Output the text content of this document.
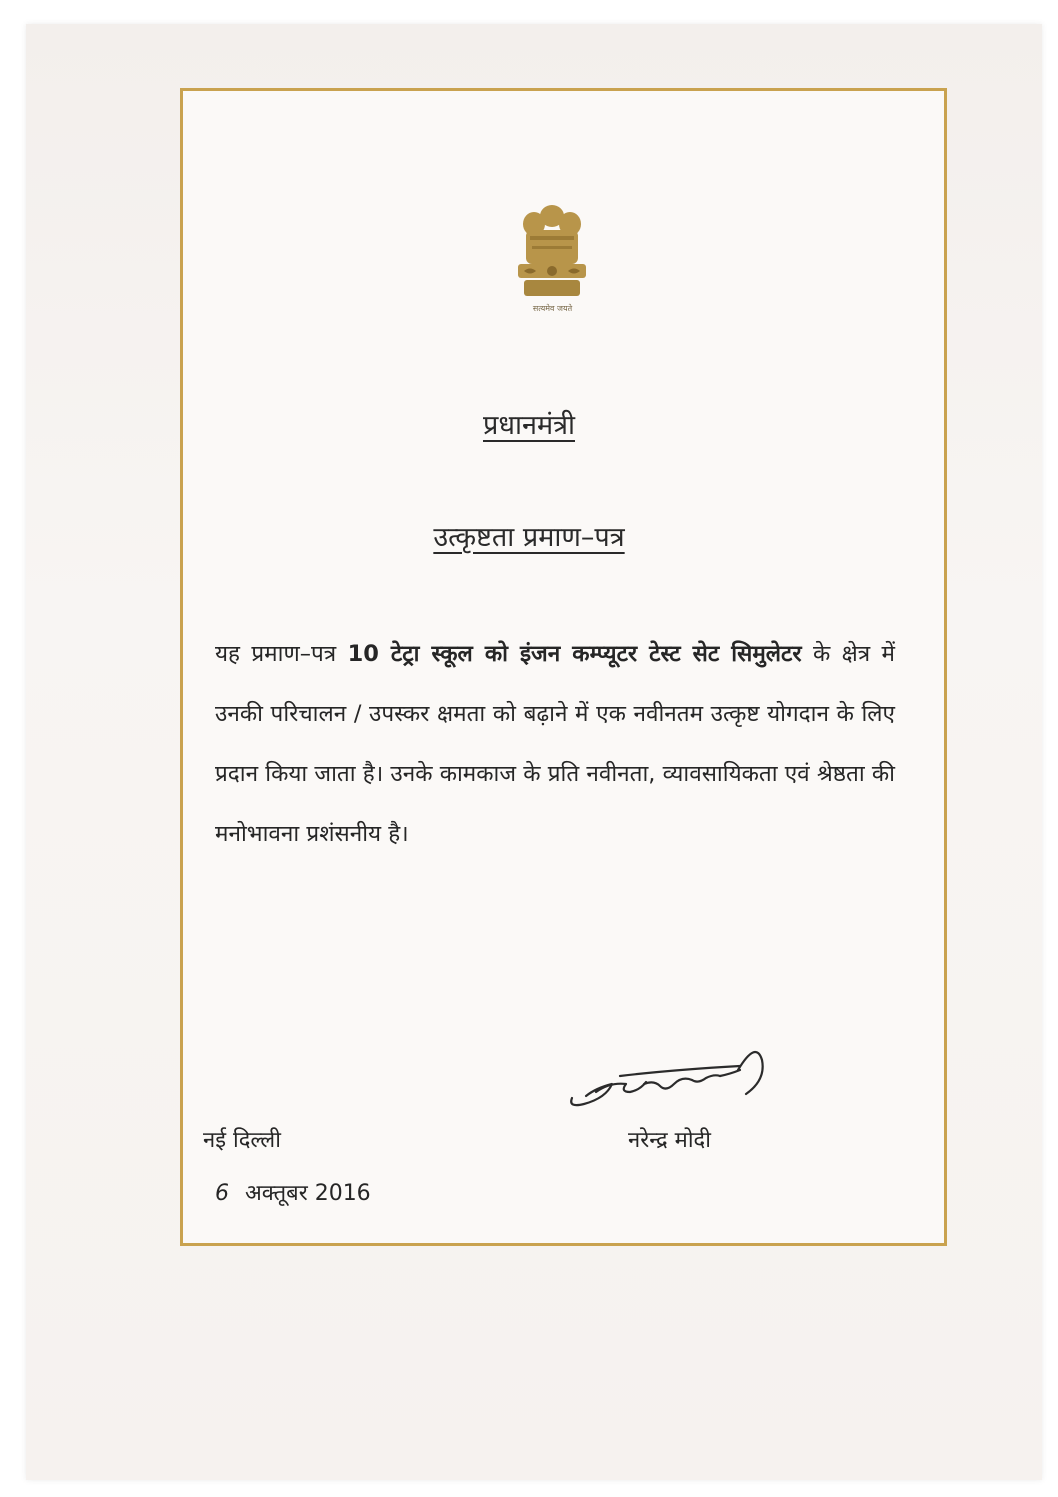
सत्यमेव जयते
प्रधानमंत्री
उत्कृष्टता प्रमाण–पत्र
यह प्रमाण–पत्र 10 टेट्रा स्कूल को इंजन कम्प्यूटर टेस्ट सेट सिमुलेटर के क्षेत्र में उनकी परिचालन / उपस्कर क्षमता को बढ़ाने में एक नवीनतम उत्कृष्ट योगदान के लिए प्रदान किया जाता है। उनके कामकाज के प्रति नवीनता, व्यावसायिकता एवं श्रेष्ठता की मनोभावना प्रशंसनीय है।
नई दिल्ली
6 अक्तूबर 2016
नरेन्द्र मोदी
